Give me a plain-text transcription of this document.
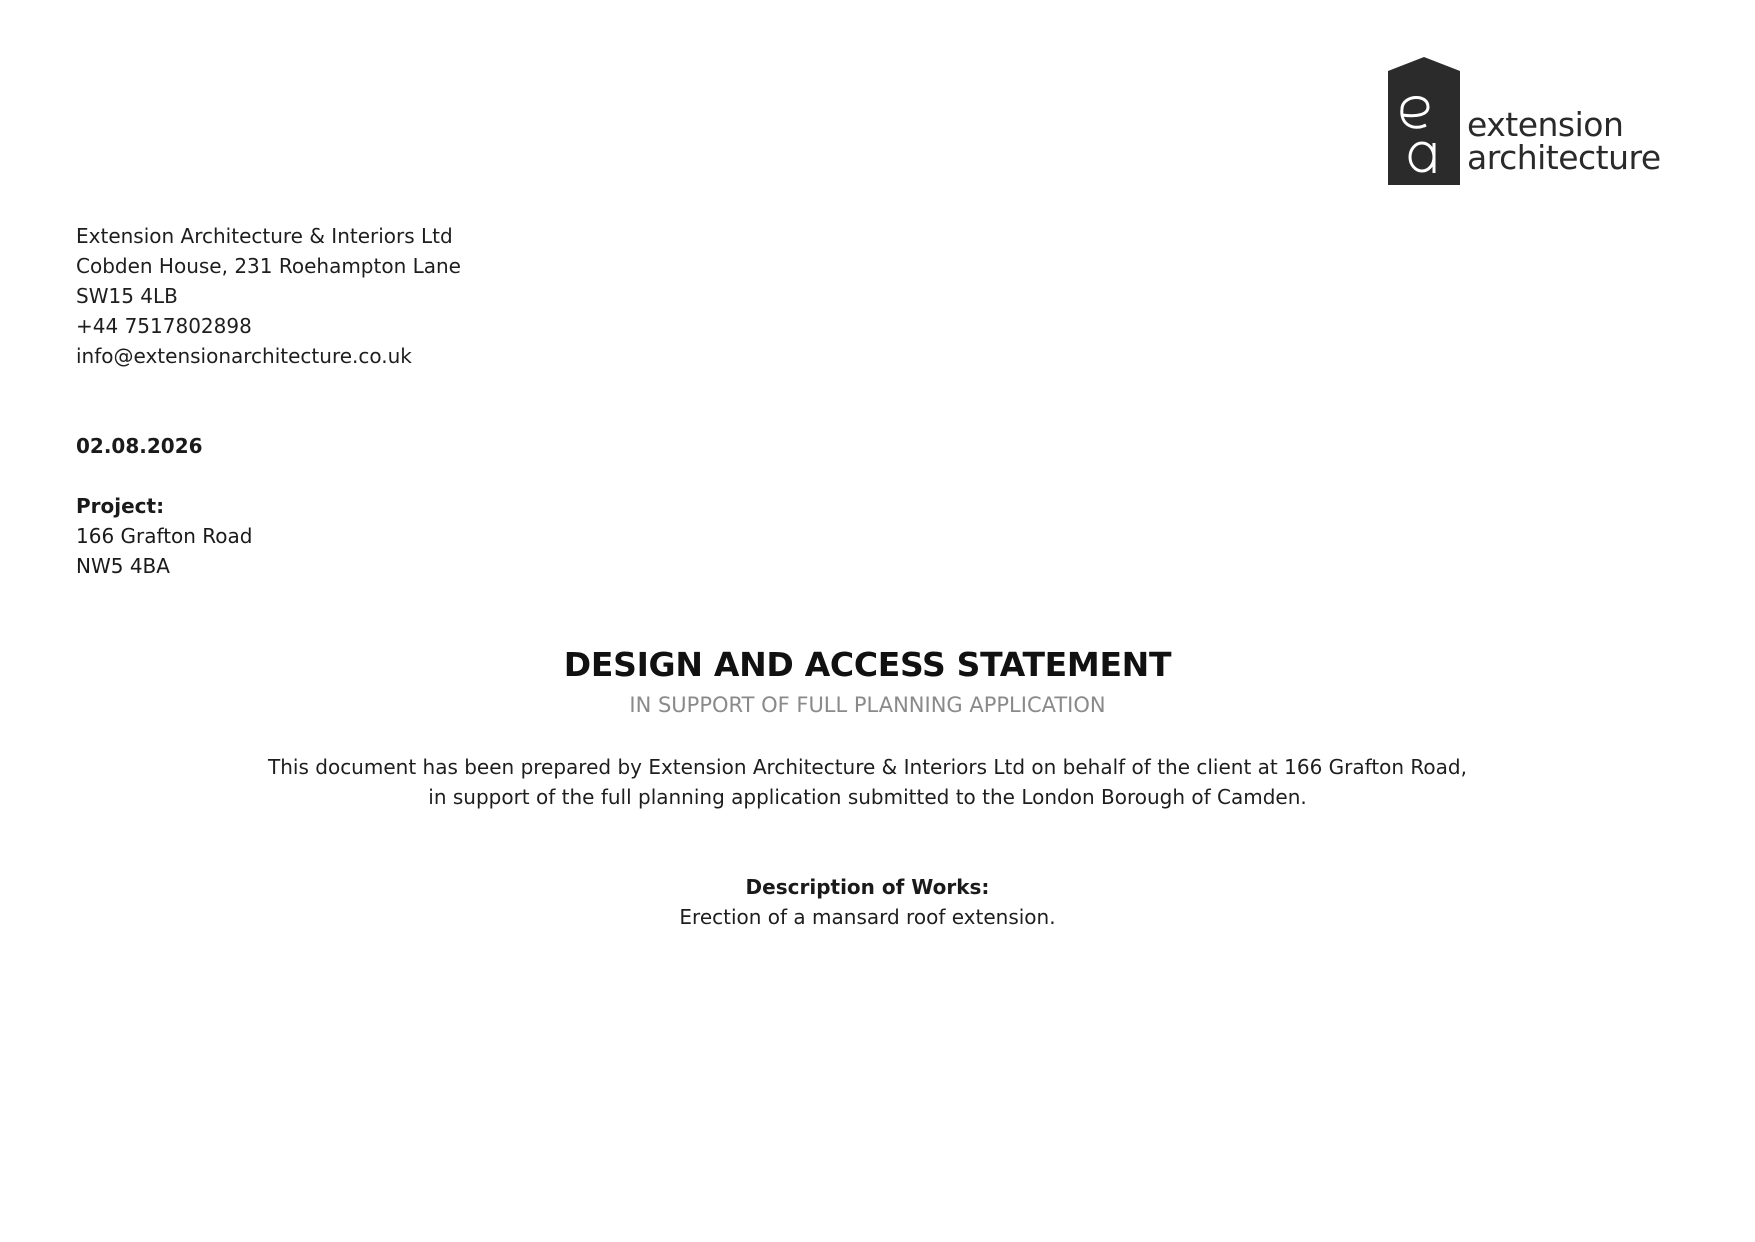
extension
architecture
Extension Architecture & Interiors Ltd
Cobden House, 231 Roehampton Lane
SW15 4LB
+44 7517802898
info@extensionarchitecture.co.uk
02.08.2026
Project:
166 Grafton Road
NW5 4BA
DESIGN AND ACCESS STATEMENT
IN SUPPORT OF FULL PLANNING APPLICATION
This document has been prepared by Extension Architecture & Interiors Ltd on behalf of the client at 166 Grafton Road,
in support of the full planning application submitted to the London Borough of Camden.
Description of Works:
Erection of a mansard roof extension.
